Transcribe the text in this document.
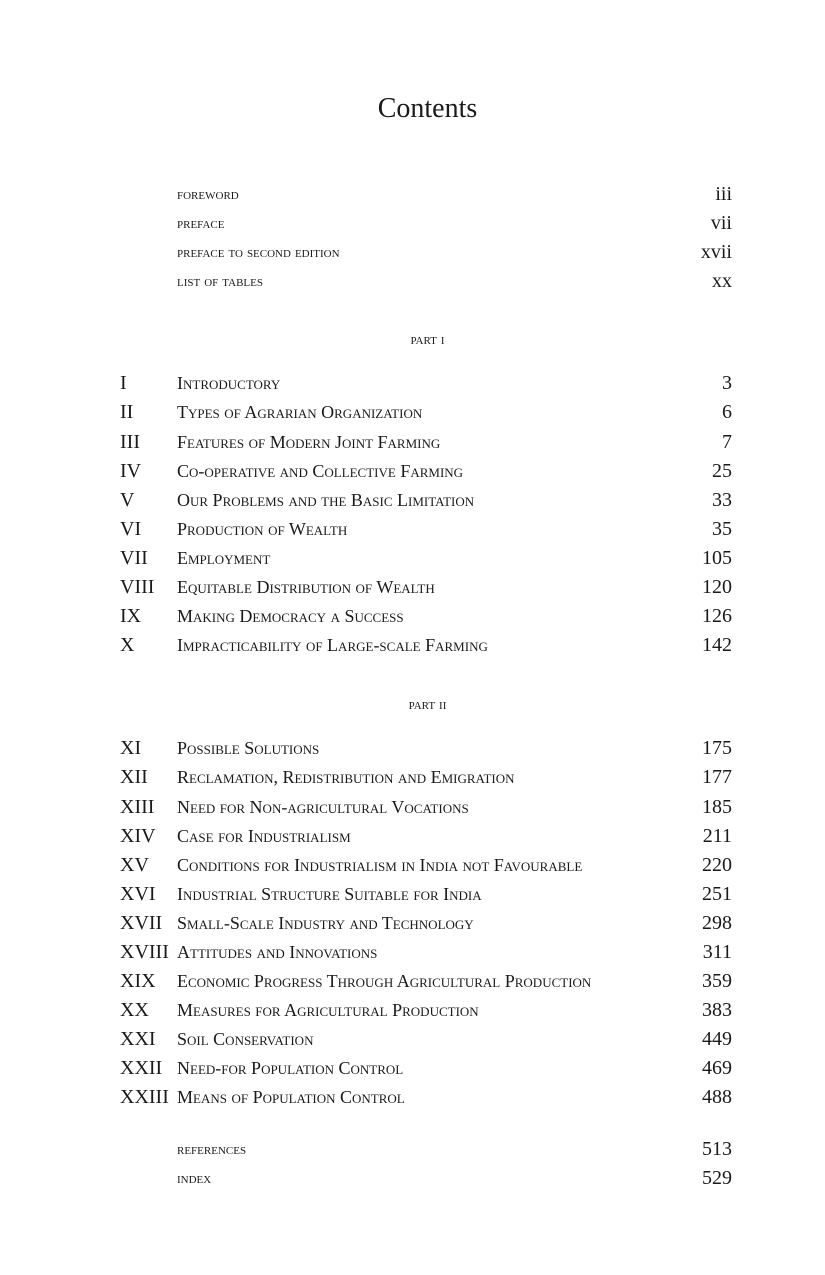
Contents
foreword	iii
preface	vii
preface to second edition	xvii
list of tables	xx
part i
I	Introductory	3
II Types of Agrarian Organization	6
III Features of Modern Joint Farming	7
IV Co-operative and Collective Farming	25
V Our Problems and the Basic Limitation	33
VI Production of Wealth	35
VII Employment	105
VIII Equitable Distribution of Wealth	120
IX Making Democracy a Success	126
X Impracticability of Large-scale Farming	142
part ii
XI Possible Solutions	175
XII Reclamation, Redistribution and Emigration	177
XIII Need for Non-agricultural Vocations	185
XIV Case for Industrialism	211
XV Conditions for Industrialism in India not Favourable	220
XVI Industrial Structure Suitable for India	251
XVII Small-Scale Industry and Technology	298
XVIII Attitudes and Innovations	311
XIX Economic Progress Through Agricultural Production	359
XX Measures for Agricultural Production	383
XXI Soil Conservation	449
XXII Need-for Population Control	469
XXIII Means of Population Control	488
references	513
index	529
